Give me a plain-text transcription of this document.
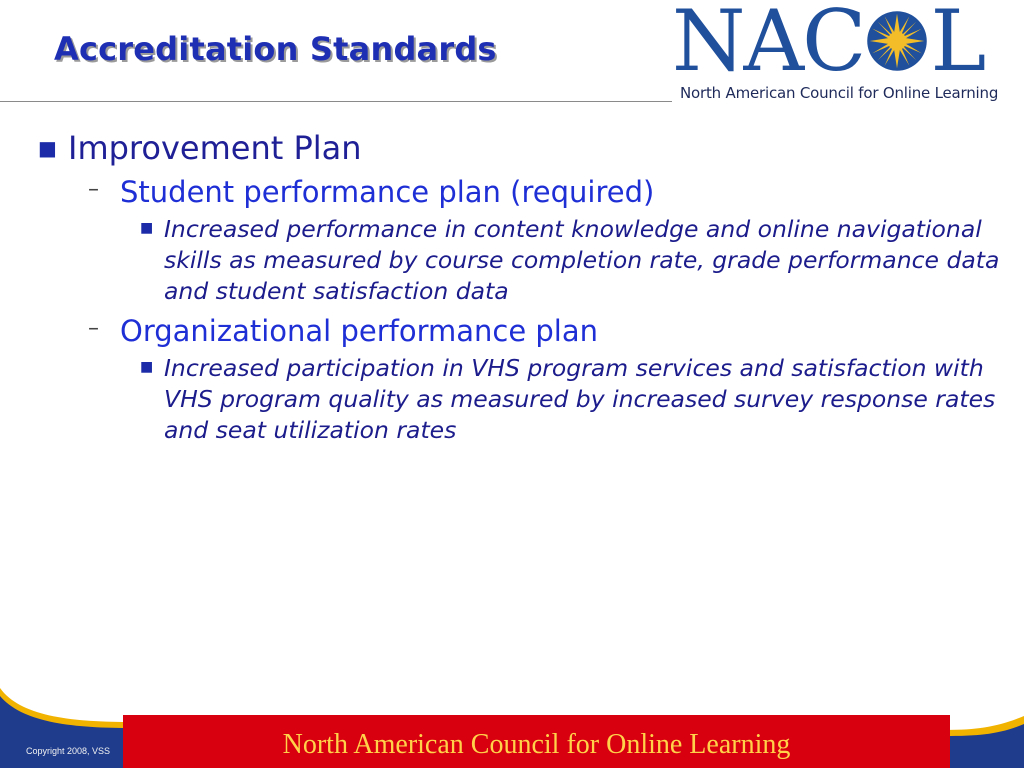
Accreditation Standards NAC L
North American Council for Online Learning
■ Improvement Plan
– Student performance plan (required)
■ Increased performance in content knowledge and online navigational skills as measured by course completion rate, grade performance data and student satisfaction data
– Organizational performance plan
■ Increased participation in VHS program services and satisfaction with VHS program quality as measured by increased survey response rates and seat utilization rates
North American Council for Online Learning
Copyright 2008, VSS
